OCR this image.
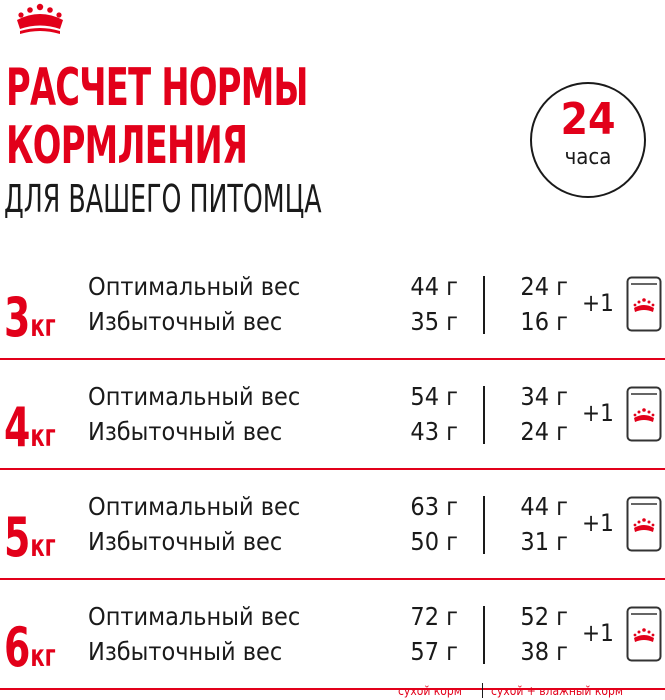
РАСЧЕТ НОРМЫ
КОРМЛЕНИЯ
ДЛЯ ВАШЕГО ПИТОМЦА
24
часа
3кг
Оптимальный вес
Избыточный вес
44 г
35 г
24 г
16 г
+1
4кг
Оптимальный вес
Избыточный вес
54 г
43 г
34 г
24 г
+1
5кг
Оптимальный вес
Избыточный вес
63 г
50 г
44 г
31 г
+1
6кг
Оптимальный вес
Избыточный вес
72 г
57 г
52 г
38 г
+1
сухой корм сухой + влажный корм
